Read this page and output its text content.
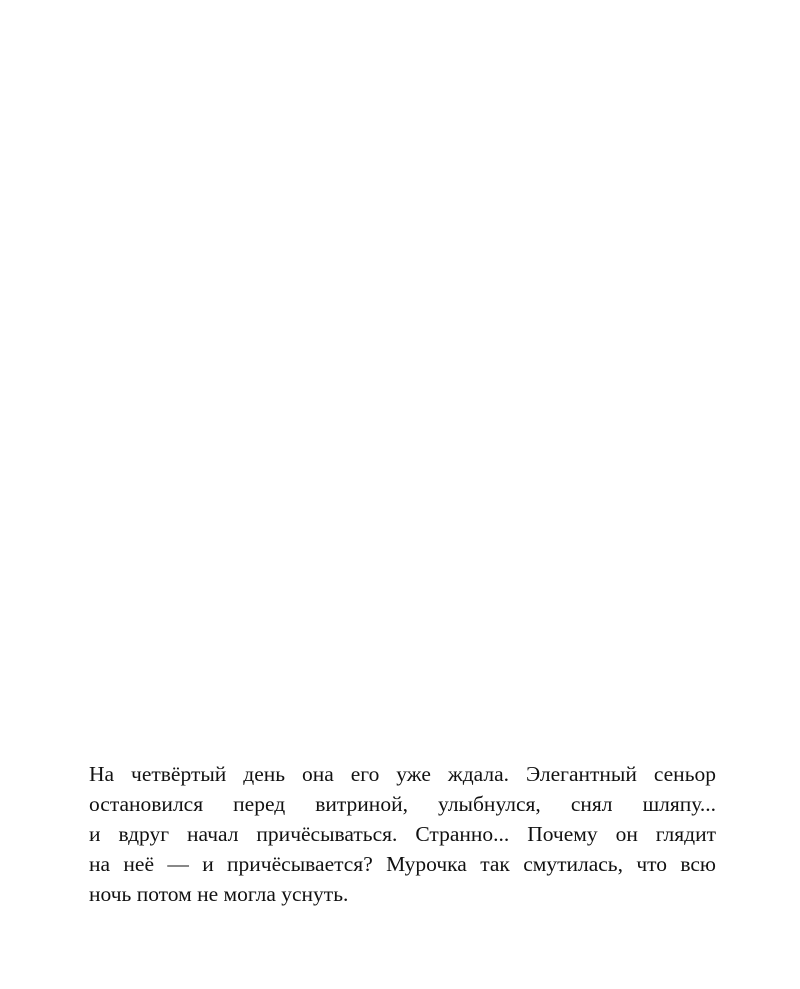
На четвёртый день она его уже ждала. Элегантный сеньор
остановился перед витриной, улыбнулся, снял шляпу...
и вдруг начал причёсываться. Странно... Почему он глядит
на неё — и причёсывается? Мурочка так смутилась, что всю
ночь потом не могла уснуть.
